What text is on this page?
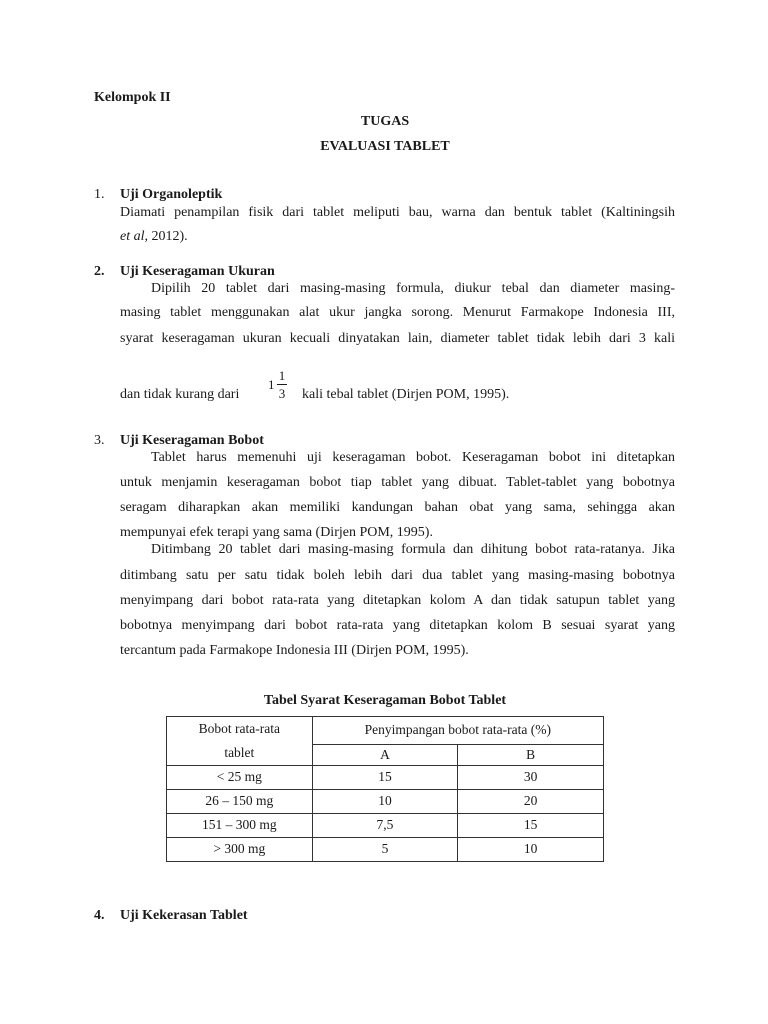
Kelompok II
TUGAS
EVALUASI TABLET
1. Uji Organoleptik
Diamati penampilan fisik dari tablet meliputi bau, warna dan bentuk tablet (Kaltiningsih
et al, 2012).
2. Uji Keseragaman Ukuran
Dipilih 20 tablet dari masing-masing formula, diukur tebal dan diameter masing-
masing tablet menggunakan alat ukur jangka sorong. Menurut Farmakope Indonesia III,
syarat keseragaman ukuran kecuali dinyatakan lain, diameter tablet tidak lebih dari 3 kali
dan tidak kurang dari
1
1
3 kali tebal tablet (Dirjen POM, 1995).
3. Uji Keseragaman Bobot
Tablet harus memenuhi uji keseragaman bobot. Keseragaman bobot ini ditetapkan
untuk menjamin keseragaman bobot tiap tablet yang dibuat. Tablet-tablet yang bobotnya
seragam diharapkan akan memiliki kandungan bahan obat yang sama, sehingga akan
mempunyai efek terapi yang sama (Dirjen POM, 1995).
Ditimbang 20 tablet dari masing-masing formula dan dihitung bobot rata-ratanya. Jika
ditimbang satu per satu tidak boleh lebih dari dua tablet yang masing-masing bobotnya
menyimpang dari bobot rata-rata yang ditetapkan kolom A dan tidak satupun tablet yang
bobotnya menyimpang dari bobot rata-rata yang ditetapkan kolom B sesuai syarat yang
tercantum pada Farmakope Indonesia III (Dirjen POM, 1995).
Tabel Syarat Keseragaman Bobot Tablet
Bobot rata-rata
tablet	Penyimpangan bobot rata-rata (%)	
	A	B
< 25 mg	15	30
26 – 150 mg	10	20
151 – 300 mg	7,5	15
> 300 mg	5	10
4. Uji Kekerasan Tablet
